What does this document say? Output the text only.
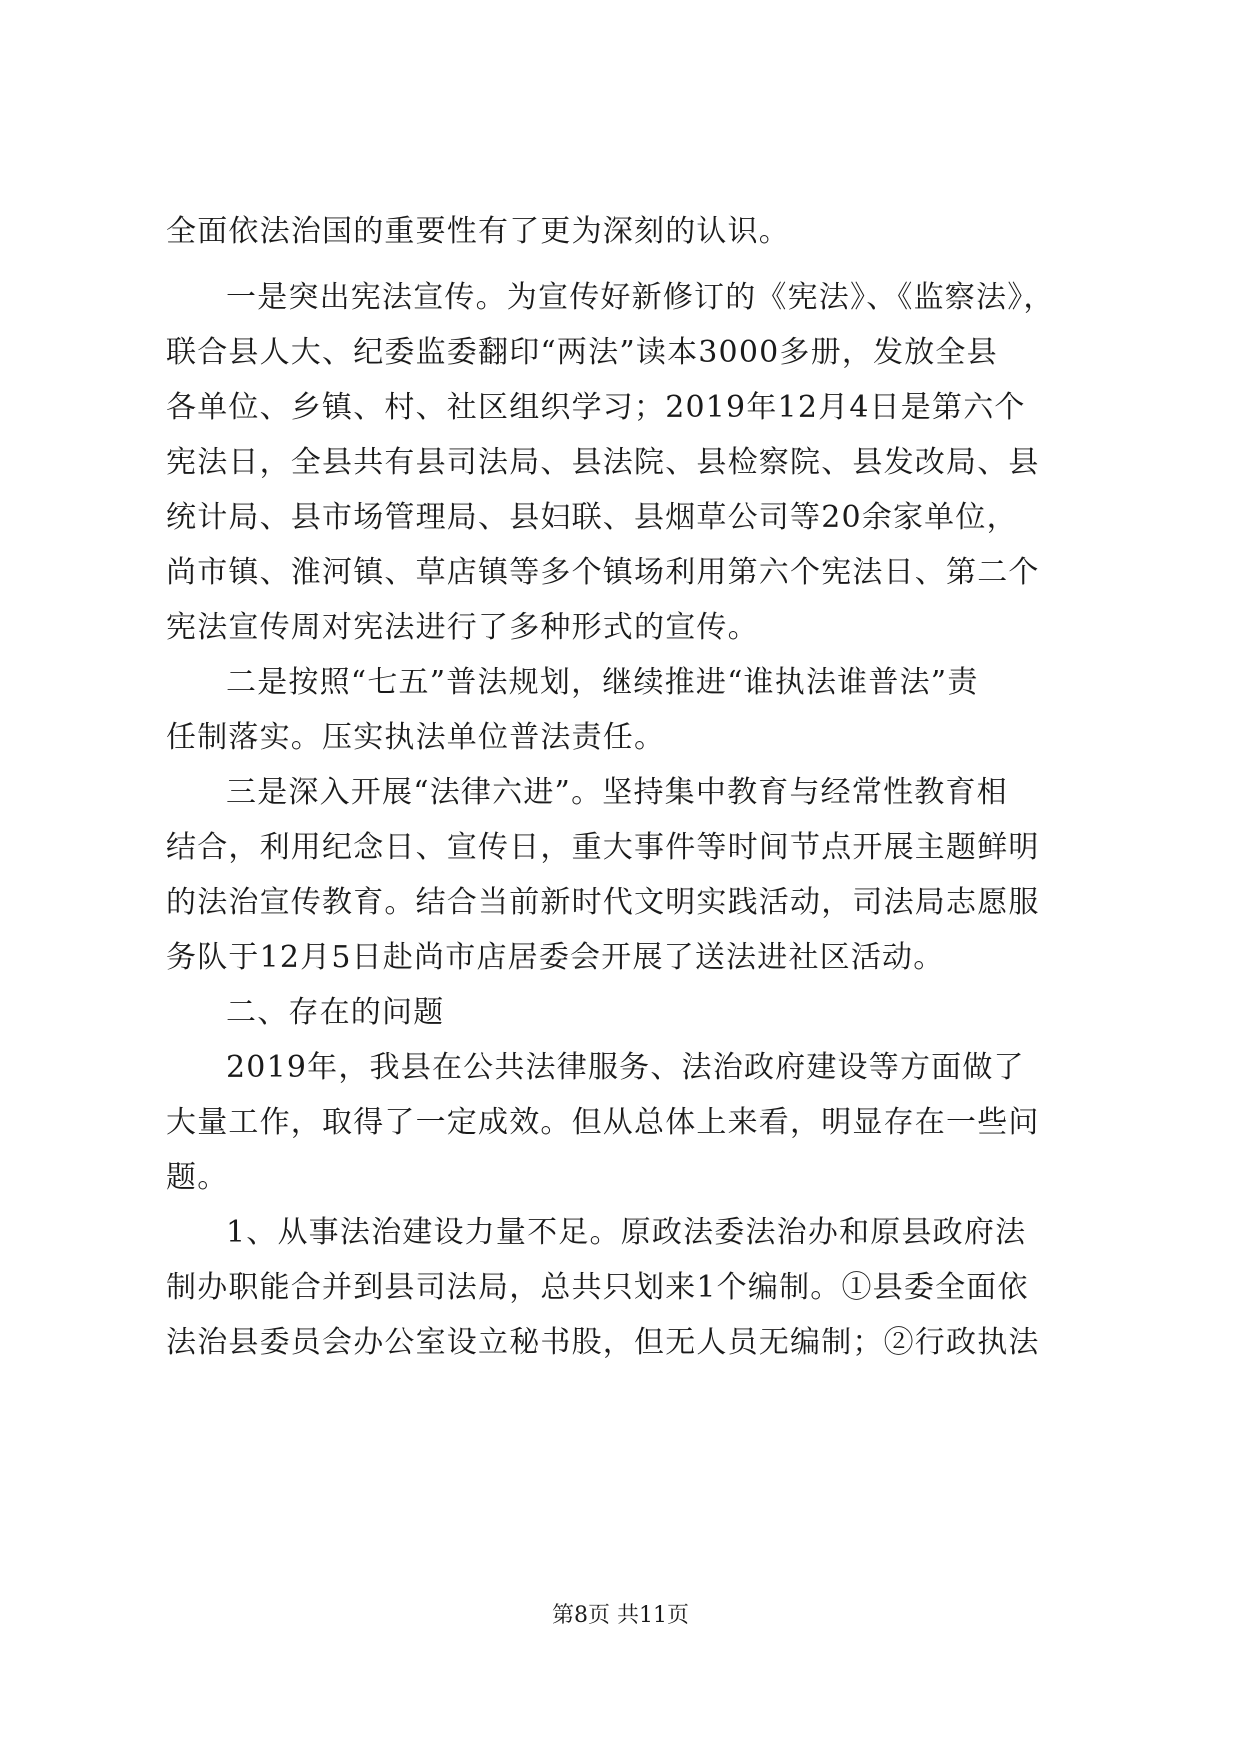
全面依法治国的重要性有了更为深刻的认识。
一是突出宪法宣传。为宣传好新修订的《宪法》、《监察法》，
联合县人大、纪委监委翻印“两法”读本3000多册，发放全县
各单位、乡镇、村、社区组织学习；2019年12月4日是第六个
宪法日，全县共有县司法局、县法院、县检察院、县发改局、县
统计局、县市场管理局、县妇联、县烟草公司等20余家单位，
尚市镇、淮河镇、草店镇等多个镇场利用第六个宪法日、第二个
宪法宣传周对宪法进行了多种形式的宣传。
二是按照“七五”普法规划，继续推进“谁执法谁普法”责
任制落实。压实执法单位普法责任。
三是深入开展“法律六进”。坚持集中教育与经常性教育相
结合，利用纪念日、宣传日，重大事件等时间节点开展主题鲜明
的法治宣传教育。结合当前新时代文明实践活动，司法局志愿服
务队于12月5日赴尚市店居委会开展了送法进社区活动。
二、存在的问题
2019年，我县在公共法律服务、法治政府建设等方面做了
大量工作，取得了一定成效。但从总体上来看，明显存在一些问
题。
1、从事法治建设力量不足。原政法委法治办和原县政府法
制办职能合并到县司法局，总共只划来1个编制。①县委全面依
法治县委员会办公室设立秘书股，但无人员无编制；②行政执法
第8页 共11页
